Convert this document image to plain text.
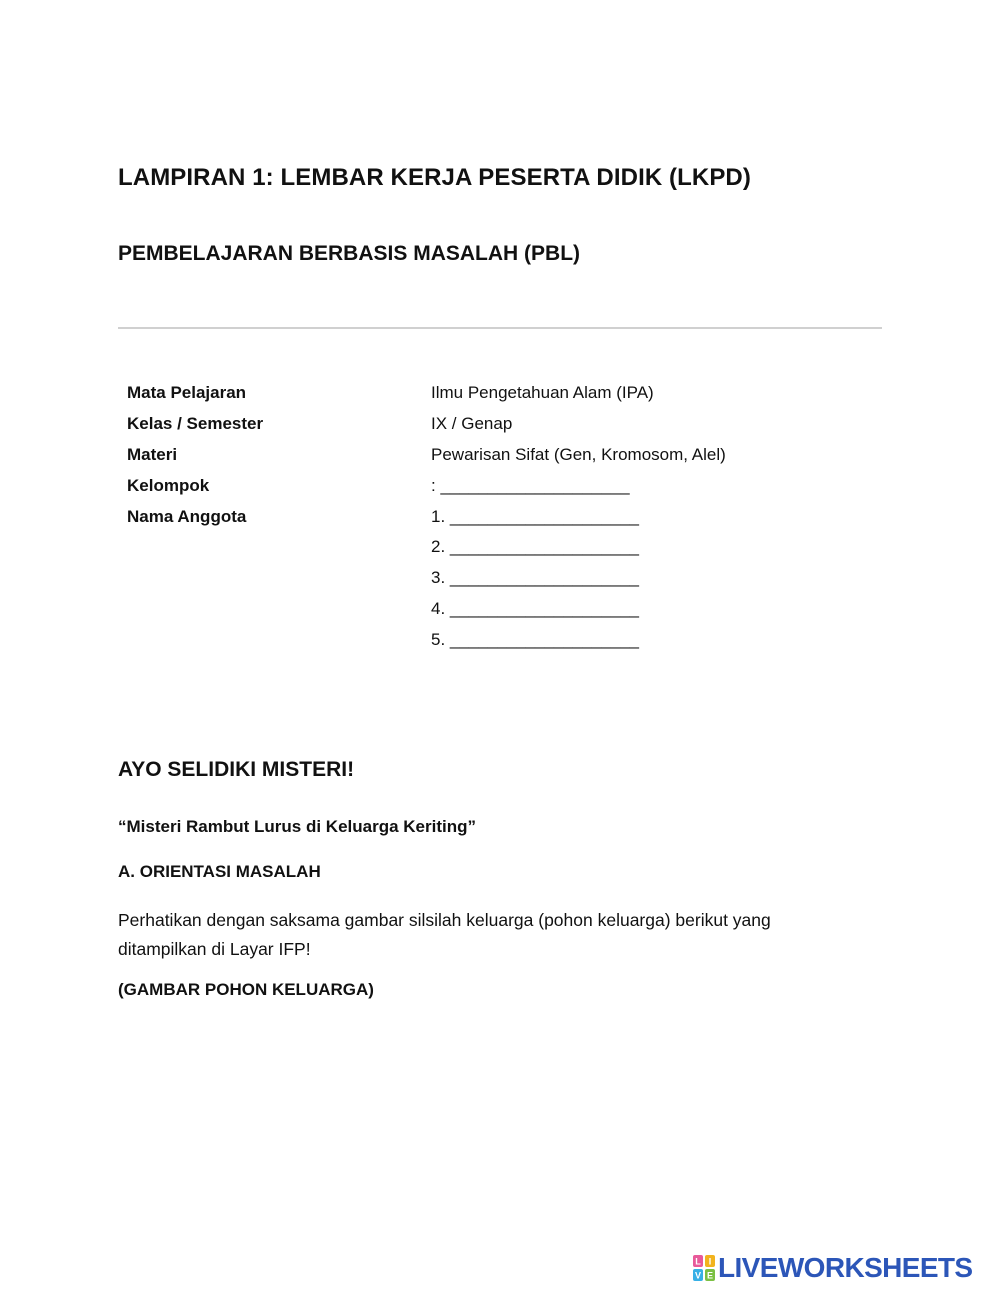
LAMPIRAN 1: LEMBAR KERJA PESERTA DIDIK (LKPD)
PEMBELAJARAN BERBASIS MASALAH (PBL)
Mata Pelajaran	Ilmu Pengetahuan Alam (IPA)
Kelas / Semester	IX / Genap
Materi	Pewarisan Sifat (Gen, Kromosom, Alel)
Kelompok	: ____________________
Nama Anggota	1. ____________________
2. ____________________
3. ____________________
4. ____________________
5. ____________________
AYO SELIDIKI MISTERI!
“Misteri Rambut Lurus di Keluarga Keriting”
A. ORIENTASI MASALAH

Perhatikan dengan saksama gambar silsilah keluarga (pohon keluarga) berikut yang ditampilkan di Layar IFP!

(GAMBAR POHON KELUARGA)
L I
V E LIVEWORKSHEETS
